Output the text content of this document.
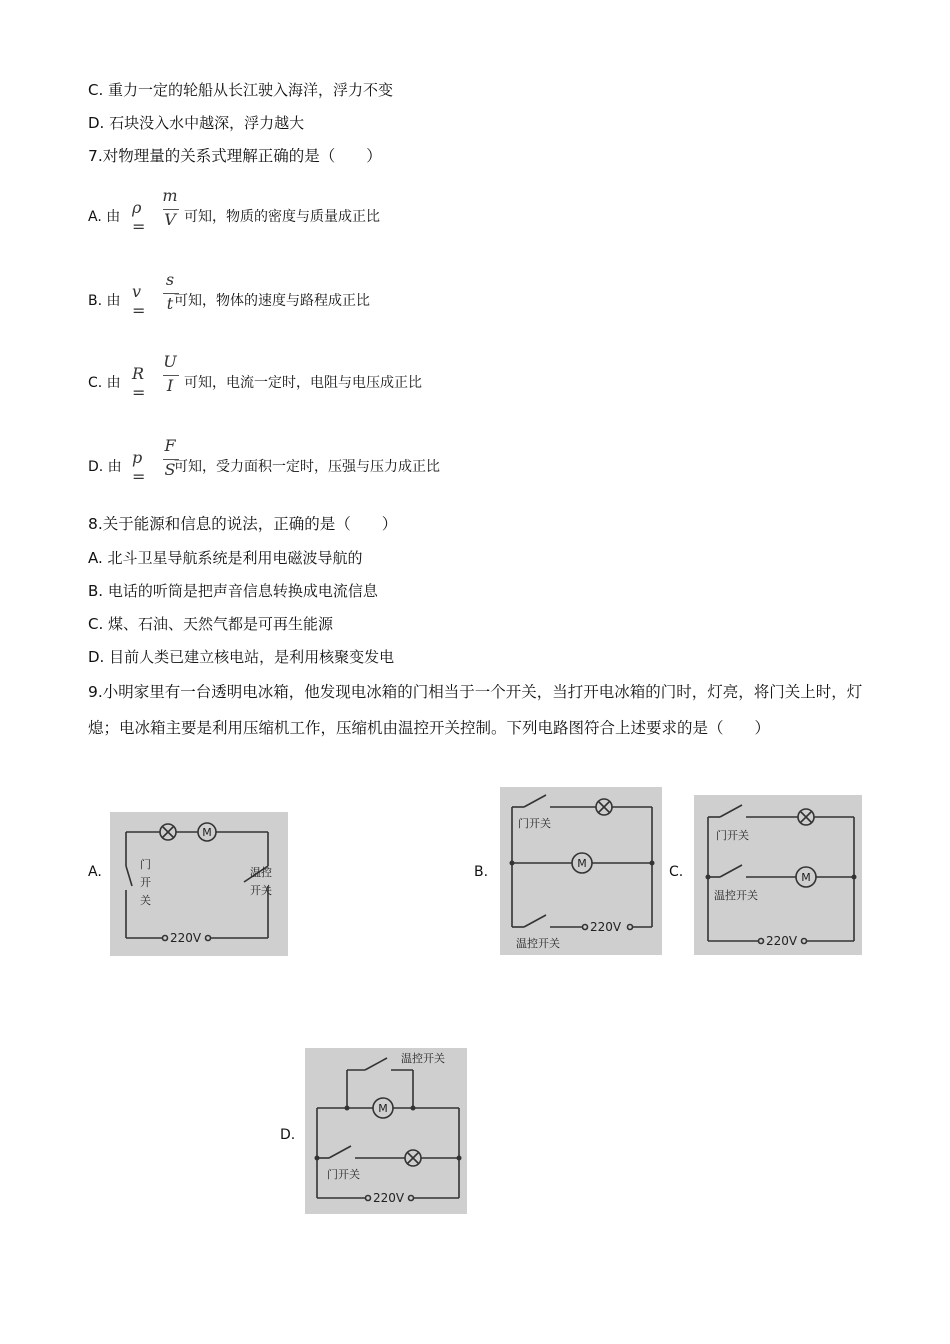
C. 重力一定的轮船从长江驶入海洋，浮力不变
D. 石块没入水中越深，浮力越大
7.对物理量的关系式理解正确的是（　　）
A. 由 ρ =
m
V 可知，物质的密度与质量成正比
B. 由 v =
s
t 可知，物体的速度与路程成正比
C. 由 R =
U
I 可知，电流一定时，电阻与电压成正比
D. 由 p =
F
S
可知，受力面积一定时，压强与压力成正比
8.关于能源和信息的说法，正确的是（　　）
A. 北斗卫星导航系统是利用电磁波导航的
B. 电话的听筒是把声音信息转换成电流信息
C. 煤、石油、天然气都是可再生能源
D. 目前人类已建立核电站，是利用核聚变发电
9.小明家里有一台透明电冰箱，他发现电冰箱的门相当于一个开关，当打开电冰箱的门时，灯亮，将门关上时，灯熄；电冰箱主要是利用压缩机工作，压缩机由温控开关控制。下列电路图符合上述要求的是（　　）
A.
M
门
开
关
温控
开关
220V
B.
M
门开关
温控开关
220V
C.	M
门开关
温控开关
220V
D.
M
温控开关
门开关
220V
